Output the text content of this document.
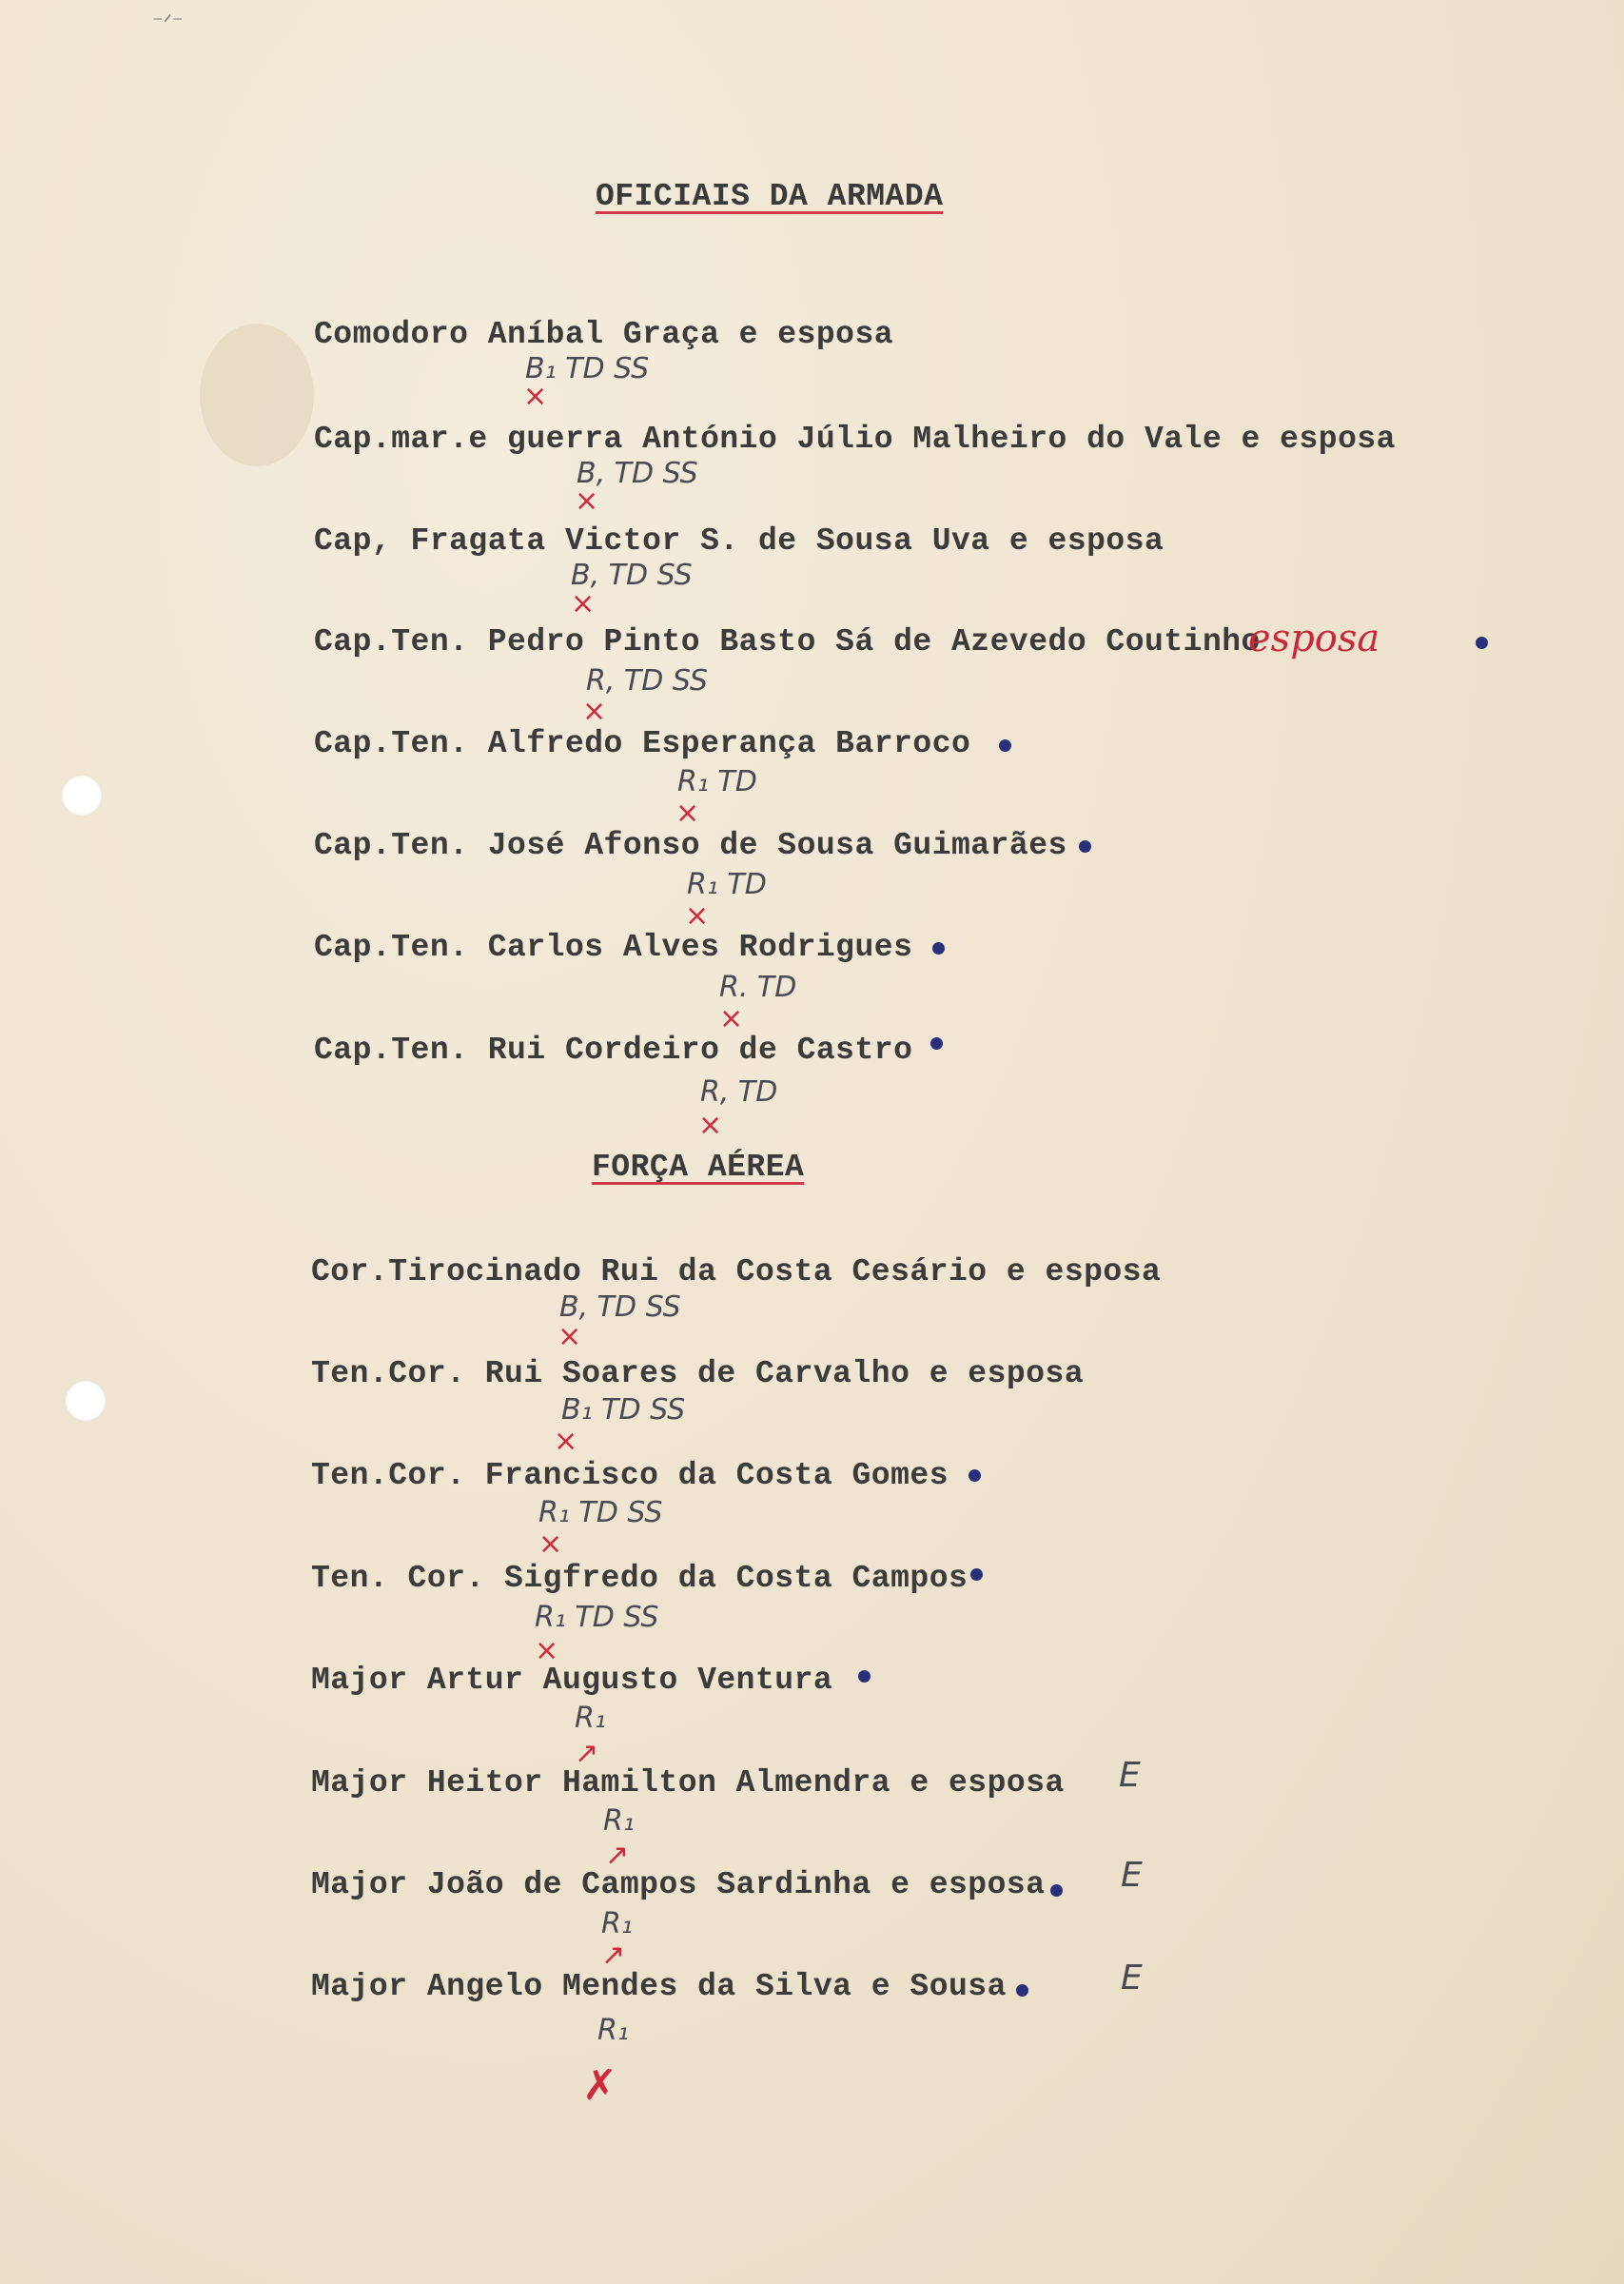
⁻ᐟ⁻
OFICIAIS DA ARMADA
Comodoro Aníbal Graça e esposa
B₁ TD SS
×
Cap.mar.e guerra António Júlio Malheiro do Vale e esposa
B, TD SS
×
Cap, Fragata Victor S. de Sousa Uva e esposa
B, TD SS
×
Cap.Ten. Pedro Pinto Basto Sá de Azevedo Coutinho
esposa
R, TD SS
×
Cap.Ten. Alfredo Esperança Barroco
R₁ TD
×
Cap.Ten. José Afonso de Sousa Guimarães
R₁ TD
×
Cap.Ten. Carlos Alves Rodrigues
R. TD
×
Cap.Ten. Rui Cordeiro de Castro
R, TD
×
FORÇA AÉREA
Cor.Tirocinado Rui da Costa Cesário e esposa
B, TD SS
×
Ten.Cor. Rui Soares de Carvalho e esposa
B₁ TD SS
×
Ten.Cor. Francisco da Costa Gomes
R₁ TD SS
×
Ten. Cor. Sigfredo da Costa Campos
R₁ TD SS
×
Major Artur Augusto Ventura
R₁
↗
Major Heitor Hamilton Almendra e esposa E
R₁
↗
Major João de Campos Sardinha e esposa E
R₁
↗
Major Angelo Mendes da Silva e Sousa	E
R₁
✗
